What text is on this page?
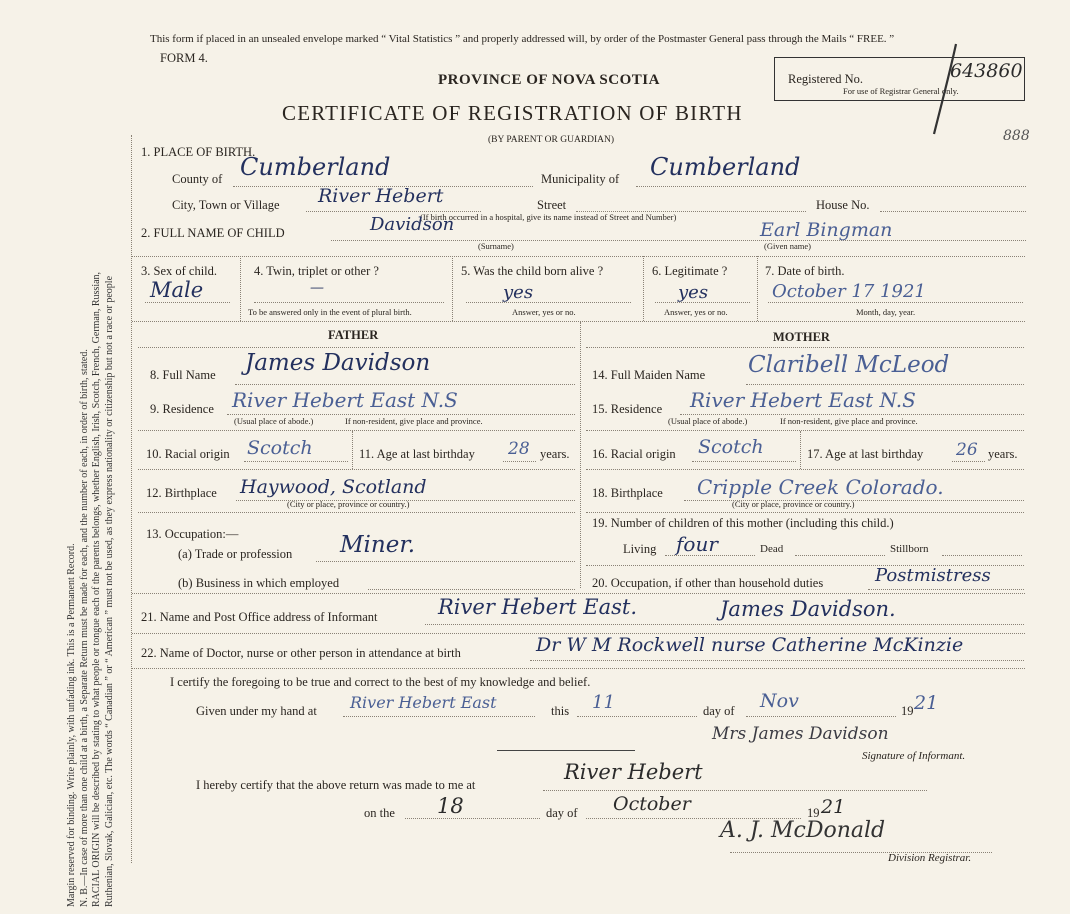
Margin reserved for binding. Write plainly, with unfading ink. This is a Permanent Record. N. B.—In case of more than one child at a birth, a Separate Return must be made for each, and the number of each, in order of birth, stated. RACIAL ORIGIN will be described by stating to what people or tongue each of the parents belongs, whether English, Irish, Scotch, French, German, Russian, Ruthenian, Slovak, Galician, etc. The words “ Canadian ” or “ American ” must not be used, as they express nationality or citizenship but not a race or people
This form if placed in an unsealed envelope marked “ Vital Statistics ” and properly addressed will, by order of the Postmaster General pass through the Mails “ FREE. ”
FORM 4.
PROVINCE OF NOVA SCOTIA
CERTIFICATE OF REGISTRATION OF BIRTH
(BY PARENT OR GUARDIAN)
Registered No.
For use of Registrar General only.
643860
888
1. PLACE OF BIRTH.
County of Cumberland	Municipality of Cumberland
City, Town or Village River Hebert	Street	House No.
(If birth occurred in a hospital, give its name instead of Street and Number)
2. FULL NAME OF CHILD	Davidson	Earl Bingman
(Surname)	(Given name)
3. Sex of child.
Male
4. Twin, triplet or other ?
—
To be answered only in the event of plural birth.
5. Was the child born alive ?
yes
Answer, yes or no.
6. Legitimate ?
yes
Answer, yes or no.
7. Date of birth.
October 17 1921
Month, day, year.
FATHER	MOTHER
8. Full Name James Davidson
9. Residence River Hebert East N.S
(Usual place of abode.)	If non-resident, give place and province.
10. Racial origin Scotch	11. Age at last birthday 28 years.
12. Birthplace Haywood, Scotland
(City or place, province or country.)
13. Occupation:—
(a) Trade or profession Miner.
(b) Business in which employed
14. Full Maiden Name Claribell McLeod
15. Residence River Hebert East N.S
(Usual place of abode.)	If non-resident, give place and province.
16. Racial origin Scotch	17. Age at last birthday 26 years.
18. Birthplace Cripple Creek Colorado.
(City or place, province or country.)
19. Number of children of this mother (including this child.)
Living four	Dead	Stillborn
20. Occupation, if other than household duties	Postmistress
21. Name and Post Office address of Informant	River Hebert East.	James Davidson.
22. Name of Doctor, nurse or other person in attendance at birth	Dr W M Rockwell nurse Catherine McKinzie
I certify the foregoing to be true and correct to the best of my knowledge and belief.
Given under my hand at River Hebert East	this 11	day of Nov	19 21
Mrs James Davidson
Signature of Informant.
I hereby certify that the above return was made to me at
River Hebert
on the 18	day of October	19 21
A. J. McDonald
Division Registrar.
